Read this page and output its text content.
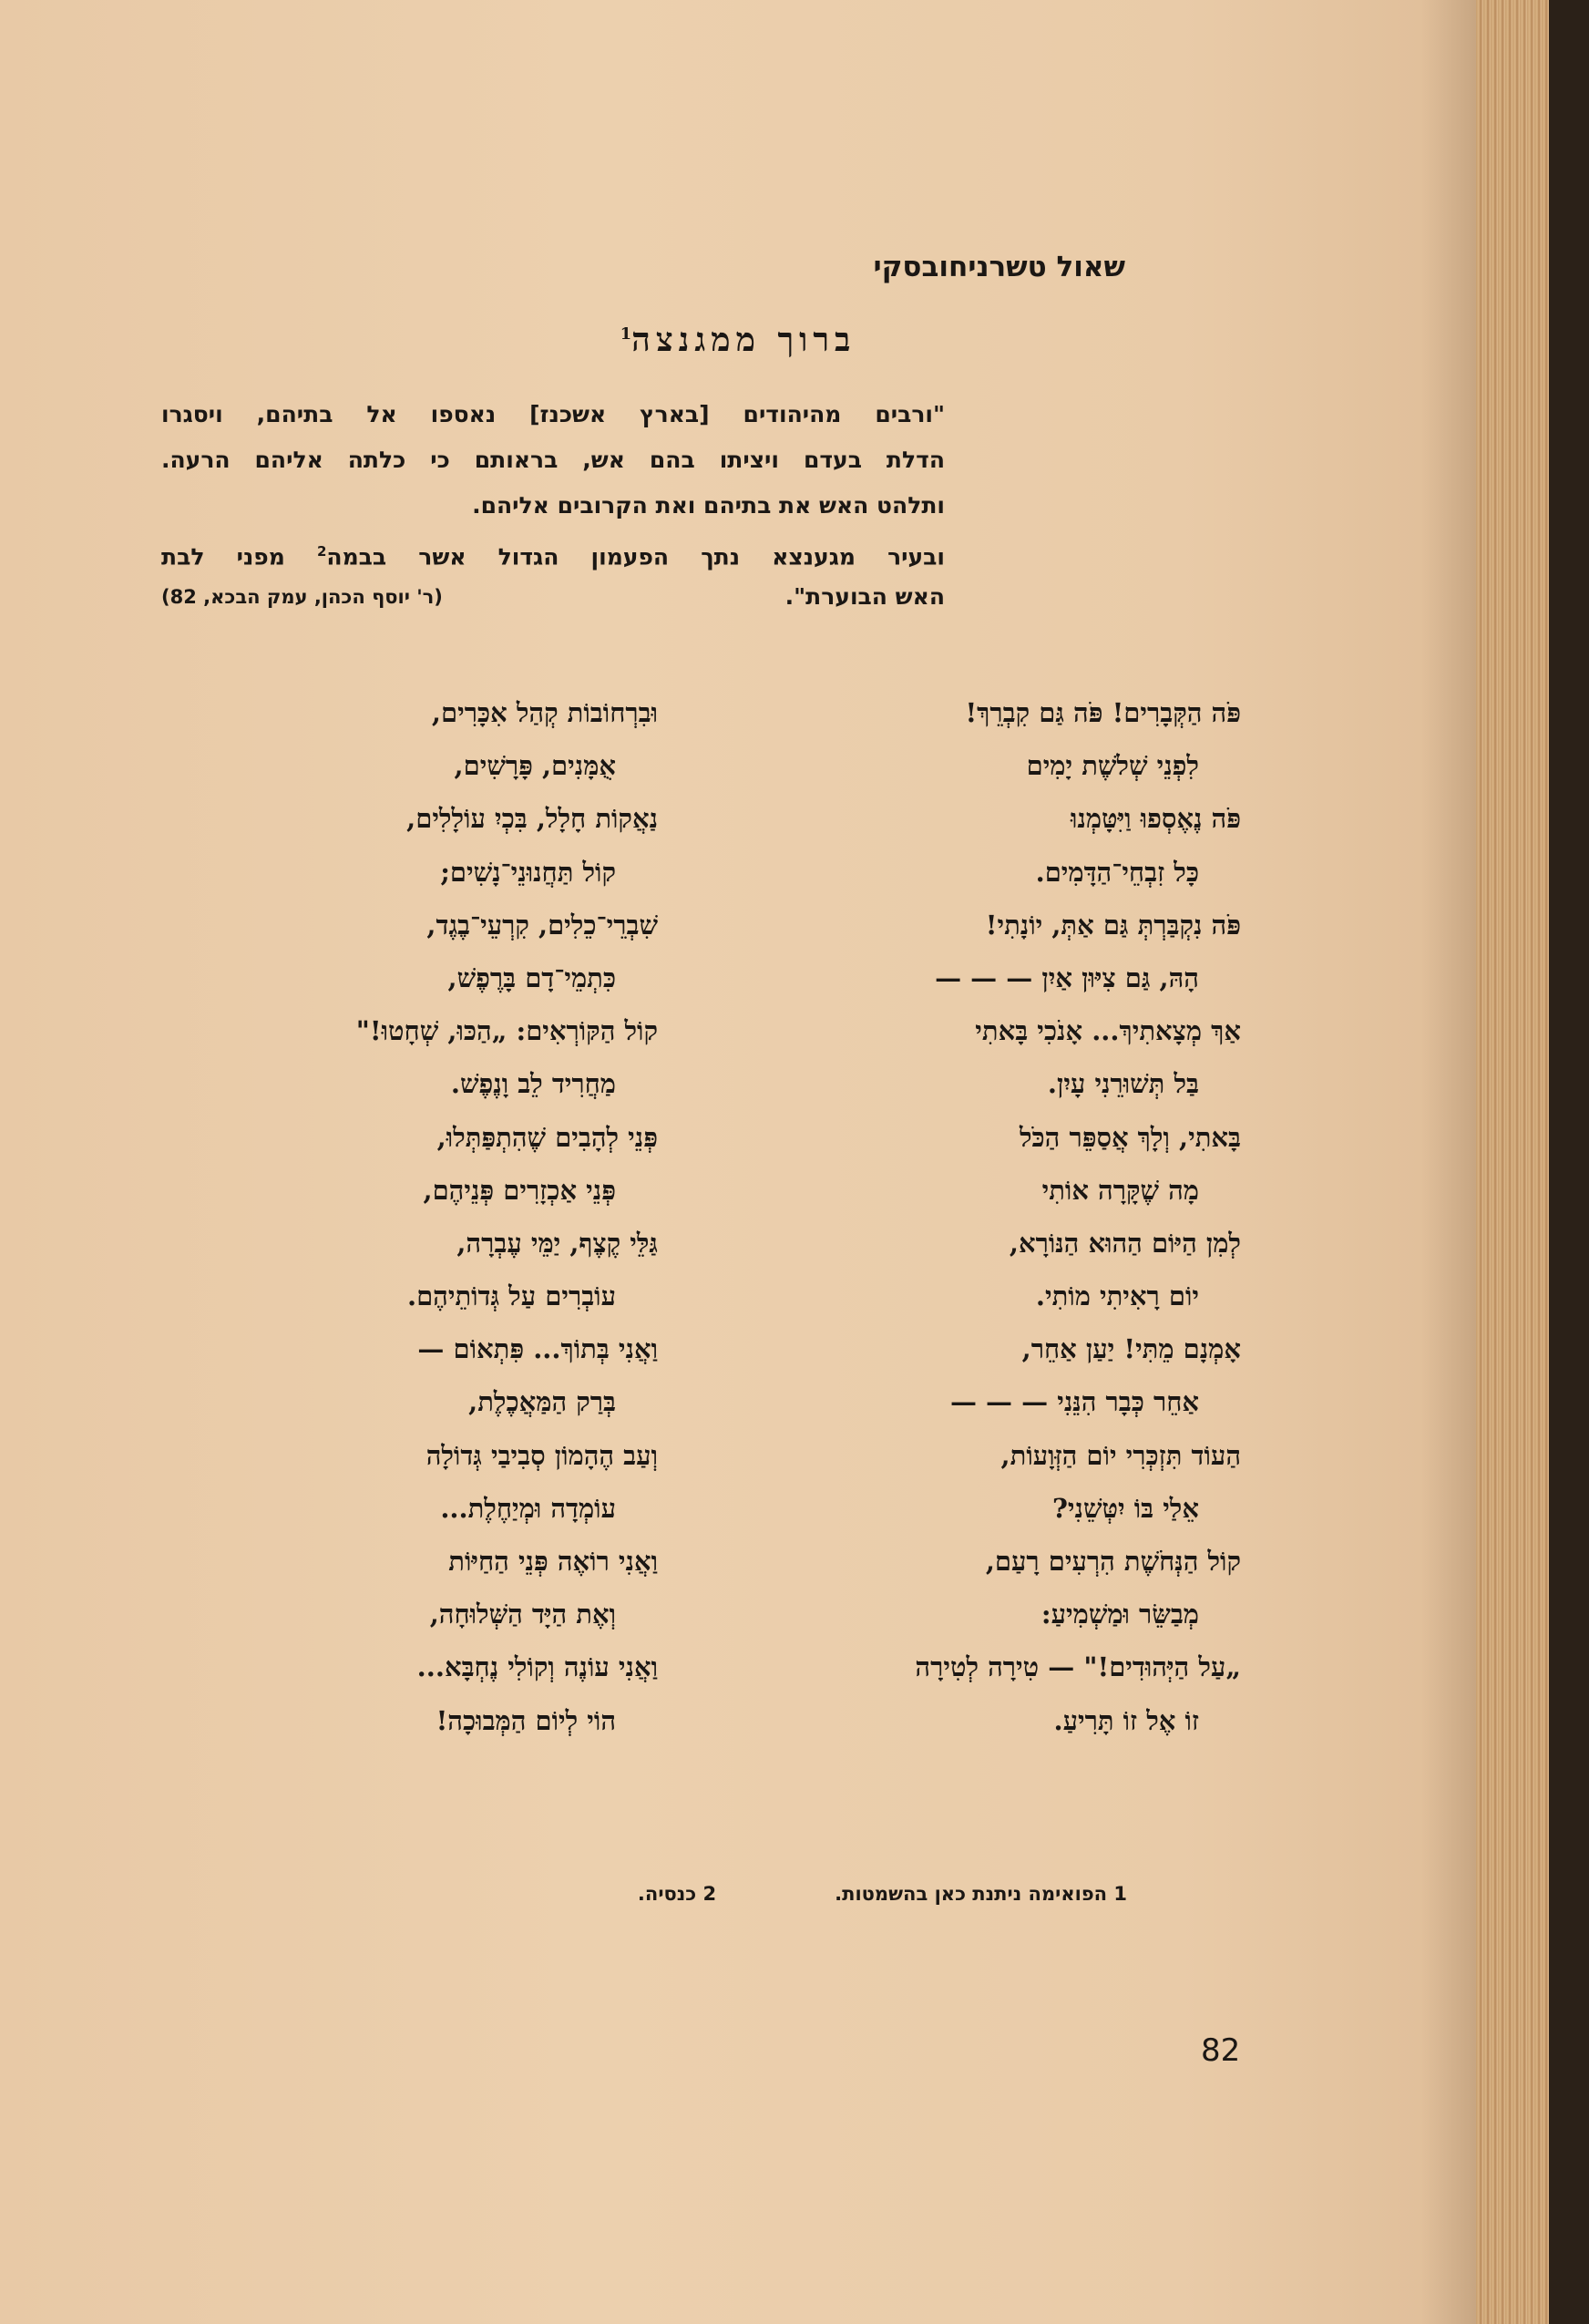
שאול טשרניחובסקי
ברוך ממגנצה$^1$
"ורבים מהיהודים [בארץ אשכנז] נאספו אל בתיהם, ויסגרו
הדלת בעדם ויציתו בהם אש, בראותם כי כלתה אליהם הרעה.
ותלהט האש את בתיהם ואת הקרובים אליהם.
ובעיר מגענצא נתך הפעמון הגדול אשר בבמה$^2$ מפני לבת
האש הבוערת".
(ר' יוסף הכהן, עמק הבכא, 82)
פֹּה הַקְּבָרִים! פֹּה גַּם קִבְרֵךְ!
לִפְנֵי שְׁלשֶׁת יָמִים
פֹּה נֶאֶסְפוּ וַיִּטָּמְנוּ
כָּל זִבְחֵי־הַדָּמִים.
פֹּה נִקְבַּרְתְּ גַּם אַתְּ, יוֹנָתִי!
הָהּ, גַּם צִיּוּן אַיִן — — —
אַךְ מְצָאתִיךְ... אָנֹכִי בָּאתִי
בַּל תְּשׁוּרֵנִי עָיִן.
בָּאתִי, וְלָךְ אֲסַפֵּר הַכֹּל
מָה שֶׁקָּרָה אוֹתִי
לְמִן הַיּוֹם הַהוּא הַנּוֹרָא,
יוֹם רָאִיתִי מוֹתִי.
אָמְנָם מֵתִּי! יַעַן אַחֵר,
אַחֵר כְּבָר הִנֵּנִי — — —
הַעוֹד תִּזְכְּרִי יוֹם הַזְּוָעוֹת,
אֵלַי בּוֹ יִטְּשֵׁנִי?
קוֹל הַנְּחֹשֶׁת הִרְעִים רָעַם,
מְבַשֵּׂר וּמַשְׁמִיעַ:
„עַל הַיְּהוּדִים!" — טִירָה לְטִירָה
זוֹ אֶל זוֹ תָּרִיעַ.
וּבִרְחוֹבוֹת קְהַל אִכָּרִים,
אֻמָּנִים, פָּרָשִׁים,
נַאֲקוֹת חָלָל, בִּכְיִ עוֹלָלִים,
קוֹל תַּחֲנוּנֵי־נָשִׁים;
שִׁבְרֵי־כֵלִים, קִרְעֵי־בֶגֶד,
כִּתְמֵי־דָם בָּרֶפֶשׁ,
קוֹל הַקּוֹרְאִים: „הַכּוּ, שְׁחָטוּ!"
מַחֲרִיד לֵב וָנֶפֶשׁ.
פְּנֵי לְהָבִים שֶׁהִתְפַּתְּלוּ,
פְּנֵי אַכְזָרִים פְּנֵיהֶם,
גַּלֵּי קֶצֶף, יַמֵּי עֶבְרָה,
עוֹבְרִים עַל גְּדוֹתֵיהֶם.
וַאֲנִי בְּתוֹךְ... פִּתְאוֹם —
בְּרַק הַמַּאֲכֶלֶת,
וְעַב הֶהָמוֹן סְבִיבַי גְּדוֹלָה
עוֹמְדָה וּמְיַחֶלֶת...
וַאֲנִי רוֹאֶה פְּנֵי הַחַיּוֹת
וְאֶת הַיָּד הַשְּׁלוּחָה,
וַאֲנִי עוֹנֶה וְקוֹלִי נֶחְבָּא...
הוֹי לְיוֹם הַמְּבוּכָה!
1 הפואימה ניתנת כאן בהשמטות.2 כנסיה.
82
